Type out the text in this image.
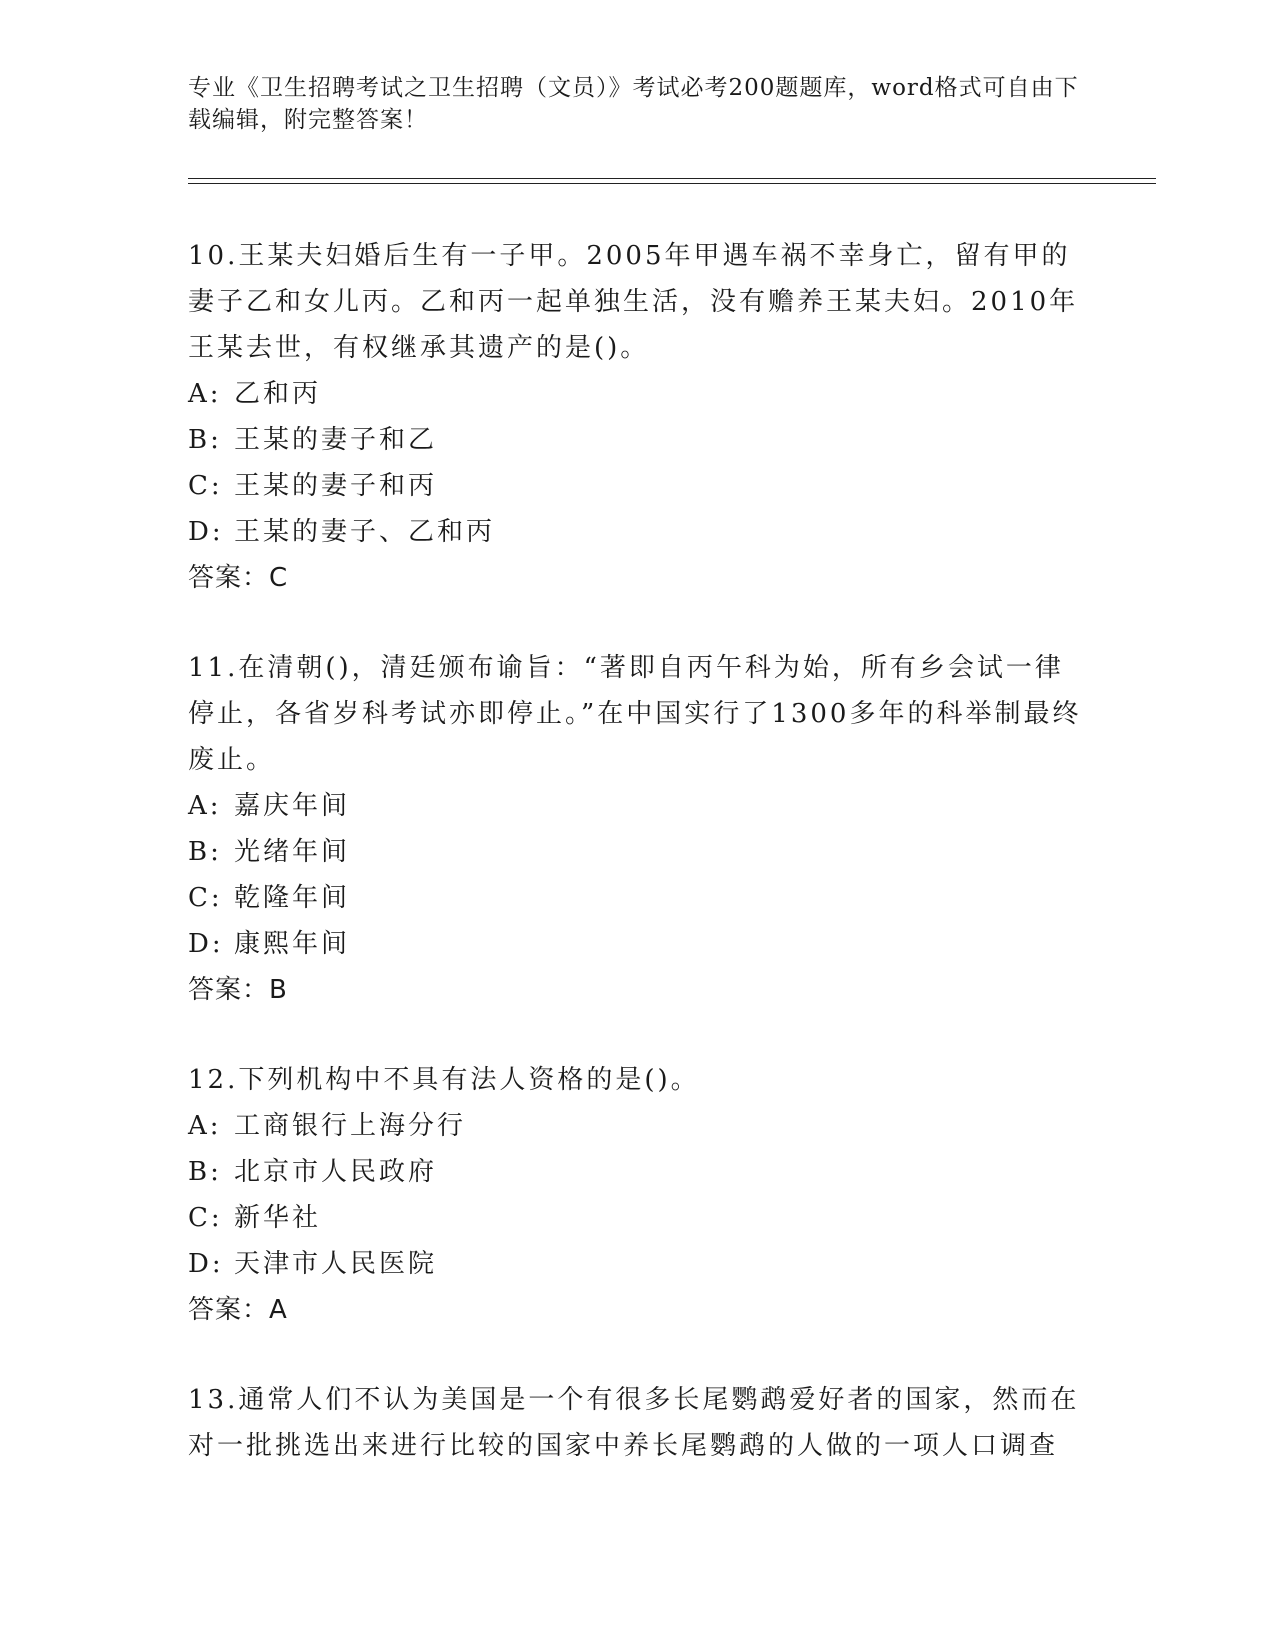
专业《卫生招聘考试之卫生招聘（文员）》考试必考200题题库，word格式可自由下载编辑，附完整答案！

10.王某夫妇婚后生有一子甲。2005年甲遇车祸不幸身亡，留有甲的妻子乙和女儿丙。乙和丙一起单独生活，没有赡养王某夫妇。2010年王某去世，有权继承其遗产的是()。

A: 乙和丙

B: 王某的妻子和乙

C: 王某的妻子和丙

D: 王某的妻子、乙和丙

答案：C

11.在清朝()，清廷颁布谕旨：“著即自丙午科为始，所有乡会试一律停止，各省岁科考试亦即停止。”在中国实行了1300多年的科举制最终废止。

A: 嘉庆年间

B: 光绪年间

C: 乾隆年间

D: 康熙年间

答案：B

12.下列机构中不具有法人资格的是()。

A: 工商银行上海分行

B: 北京市人民政府

C: 新华社

D: 天津市人民医院

答案：A

13.通常人们不认为美国是一个有很多长尾鹦鹉爱好者的国家，然而在对一批挑选出来进行比较的国家中养长尾鹦鹉的人做的一项人口调查
